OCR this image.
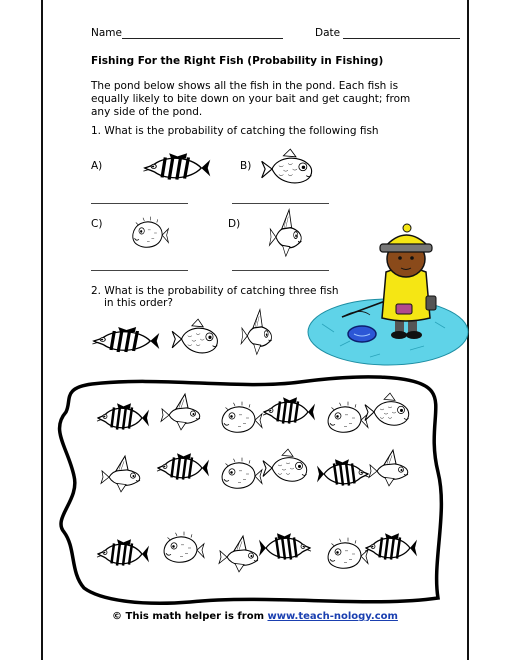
Name	Date
Fishing For the Right Fish (Probability in Fishing)
The pond below shows all the fish in the pond. Each fish is equally likely to bite down on your bait and get caught; from any side of the pond.
1. What is the probability of catching the following fish
A)	B)
C)	D)
2. What is the probability of catching three fish
in this order?
© This math helper is from www.teach-nology.com
